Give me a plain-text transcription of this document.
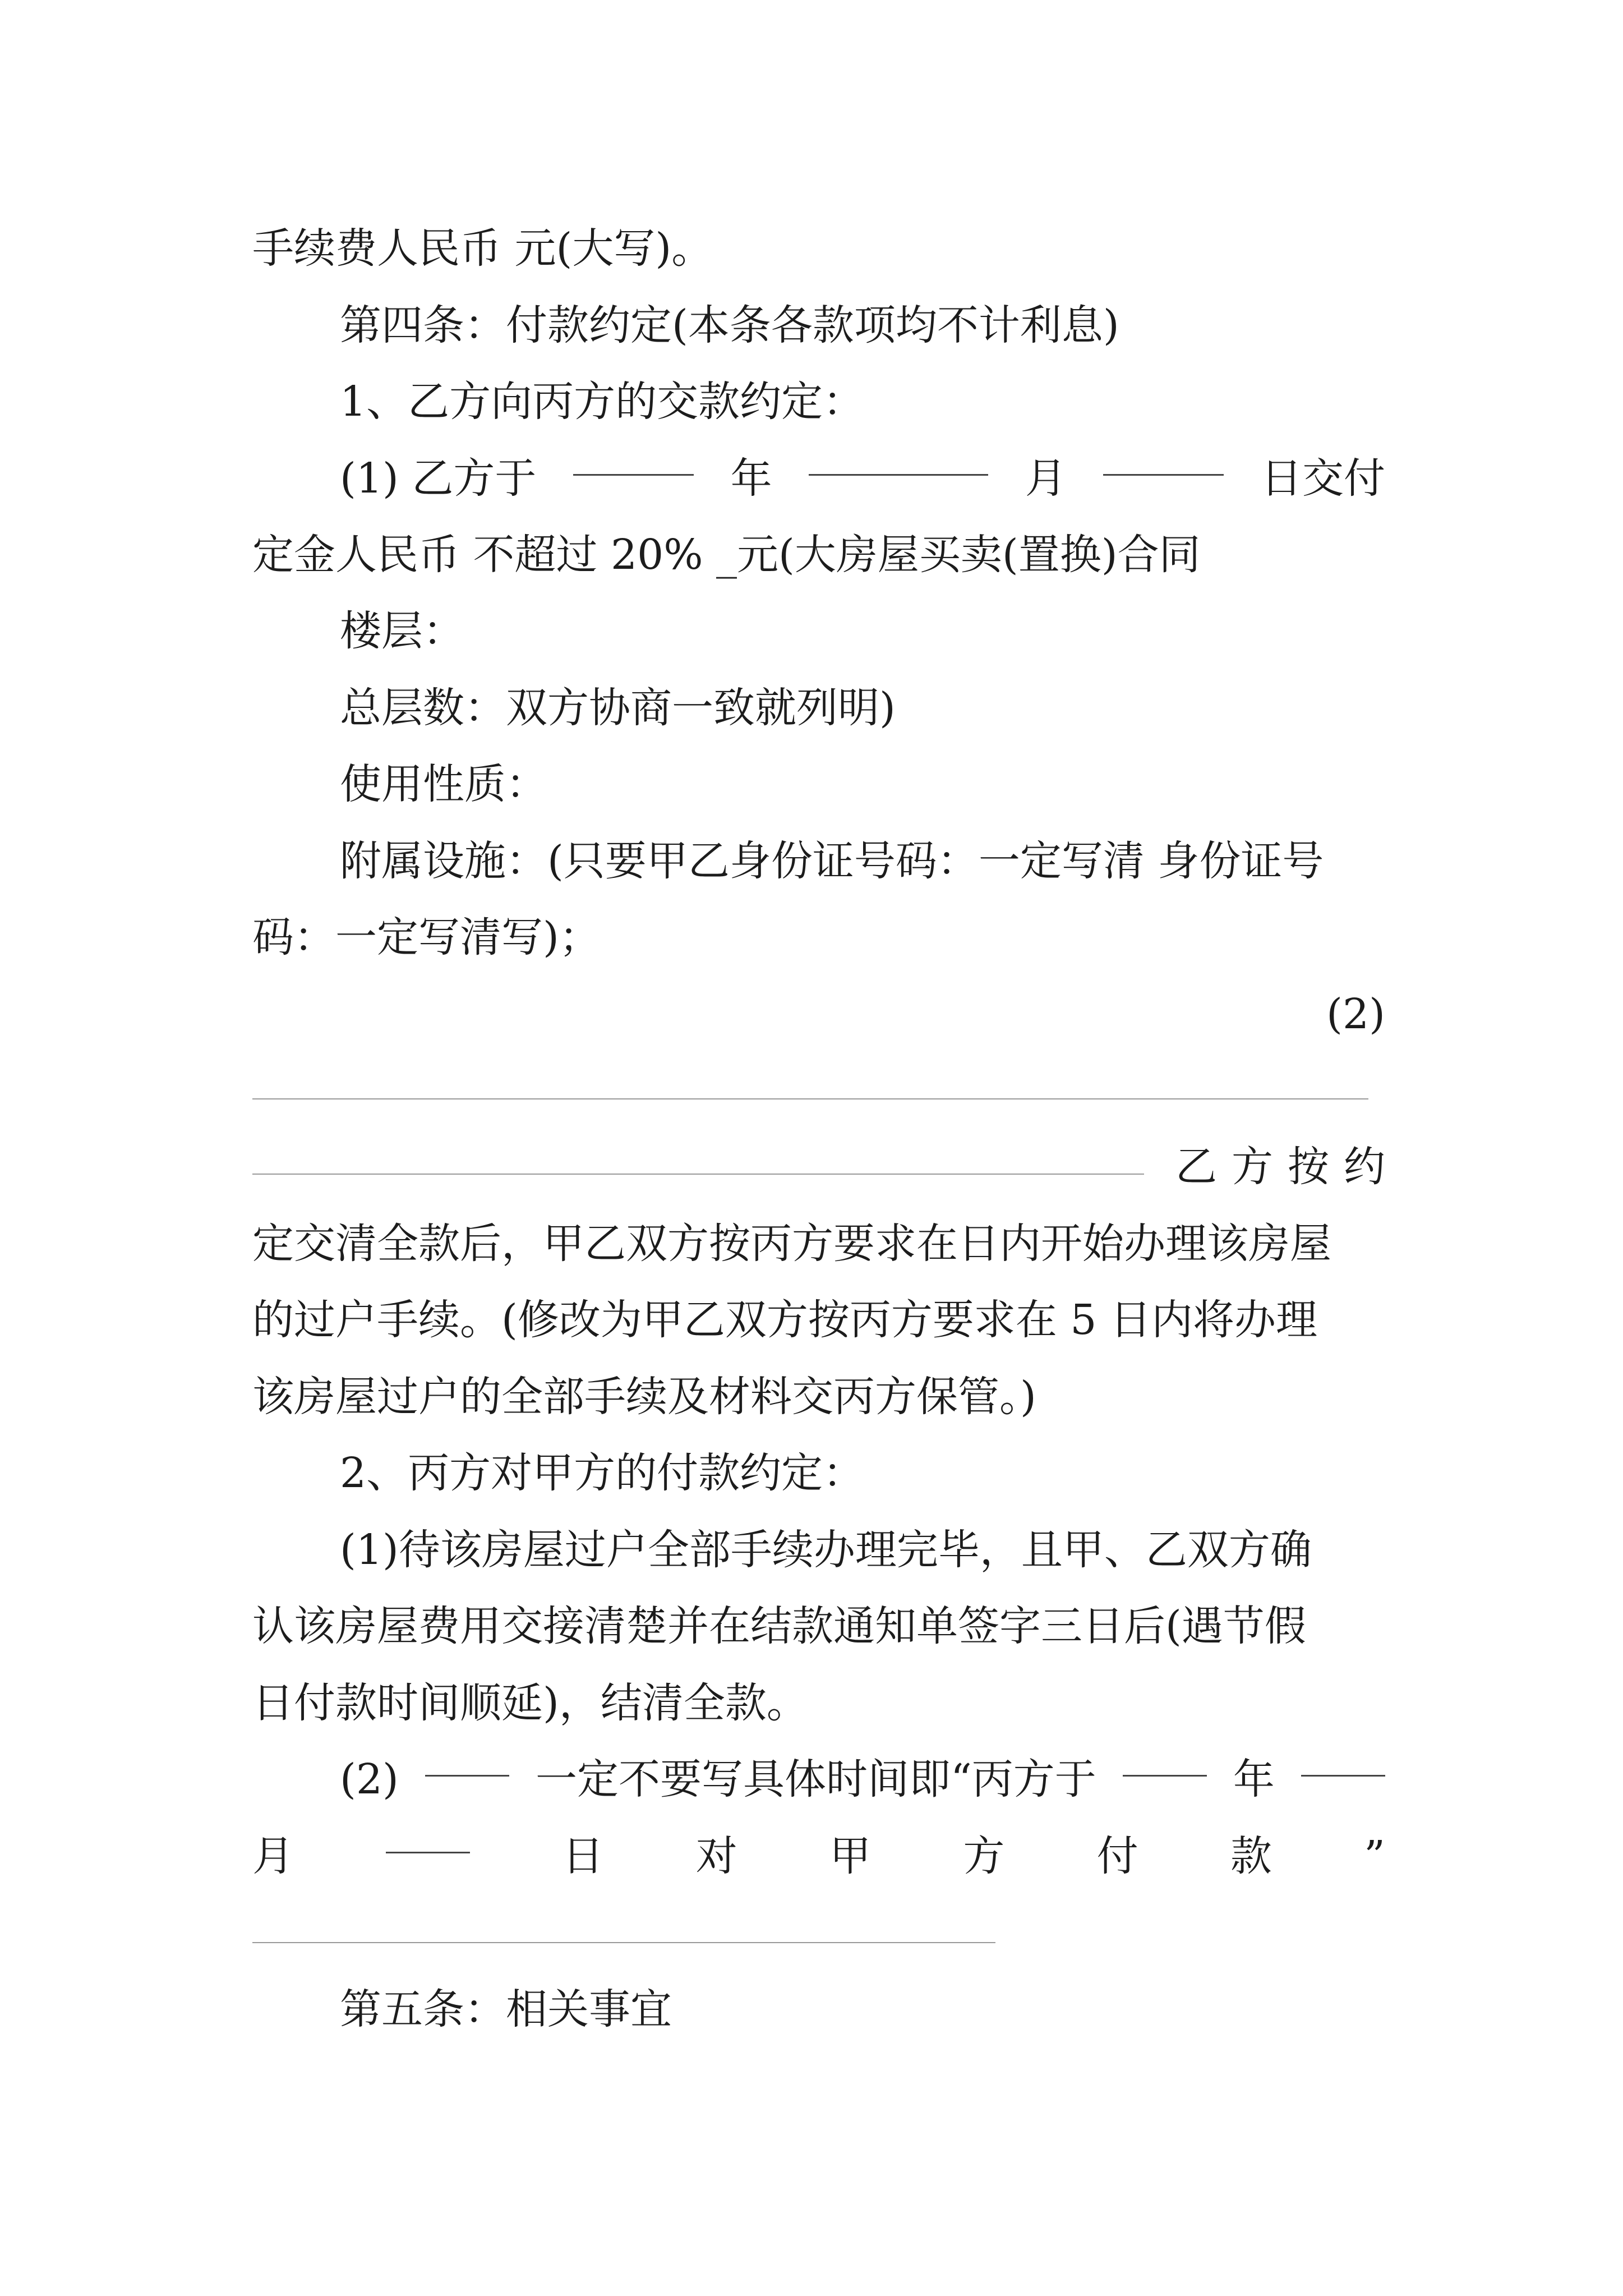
手续费人民币 元(大写)。
第四条：付款约定(本条各款项均不计利息)
1、乙方向丙方的交款约定：
(1) 乙方于	年	月	日交付
定金人民币 不超过 20% _元(大房屋买卖(置换)合同
楼层：
总层数：双方协商一致就列明)
使用性质：
附属设施：(只要甲乙身份证号码：一定写清 身份证号
码：一定写清写)；
(2)
乙方按约
定交清全款后，甲乙双方按丙方要求在日内开始办理该房屋
的过户手续。(修改为甲乙双方按丙方要求在 5 日内将办理
该房屋过户的全部手续及材料交丙方保管。)
2、丙方对甲方的付款约定：
(1)待该房屋过户全部手续办理完毕，且甲、乙双方确
认该房屋费用交接清楚并在结款通知单签字三日后(遇节假
日付款时间顺延)，结清全款。
(2)	一定不要写具体时间即“丙方于	年
月	日 对 甲 方 付 款 ”
第五条：相关事宜
